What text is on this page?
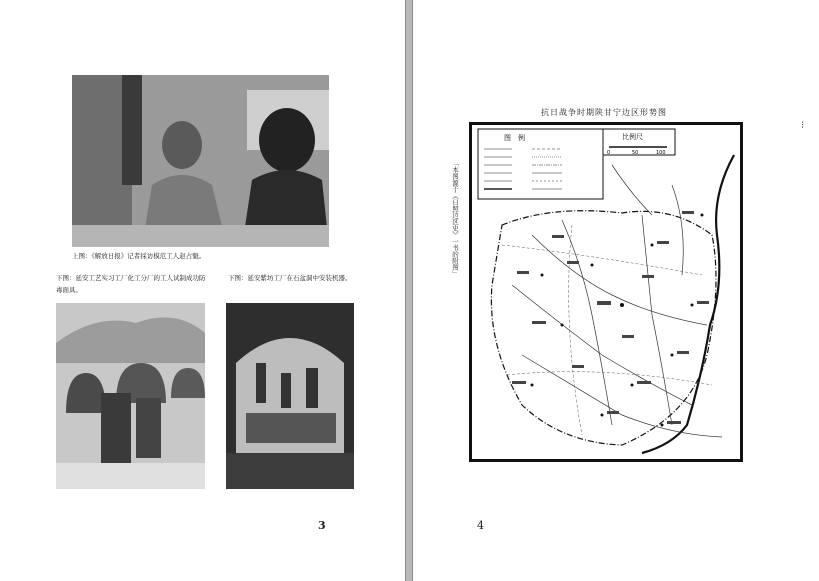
上图：《解放日报》记者採访模范工人赵占魁。
下图：延安工艺实习工厂化工分厂的工人试制成功防毒面具。
下图：延安紫坊工厂在石盆洞中安装机器。
3
抗日战争时期陕甘宁边区形势图
「本图源于《日照边区史》一书的附图」
⁝
图　例	比例尺
0	50	100
4
